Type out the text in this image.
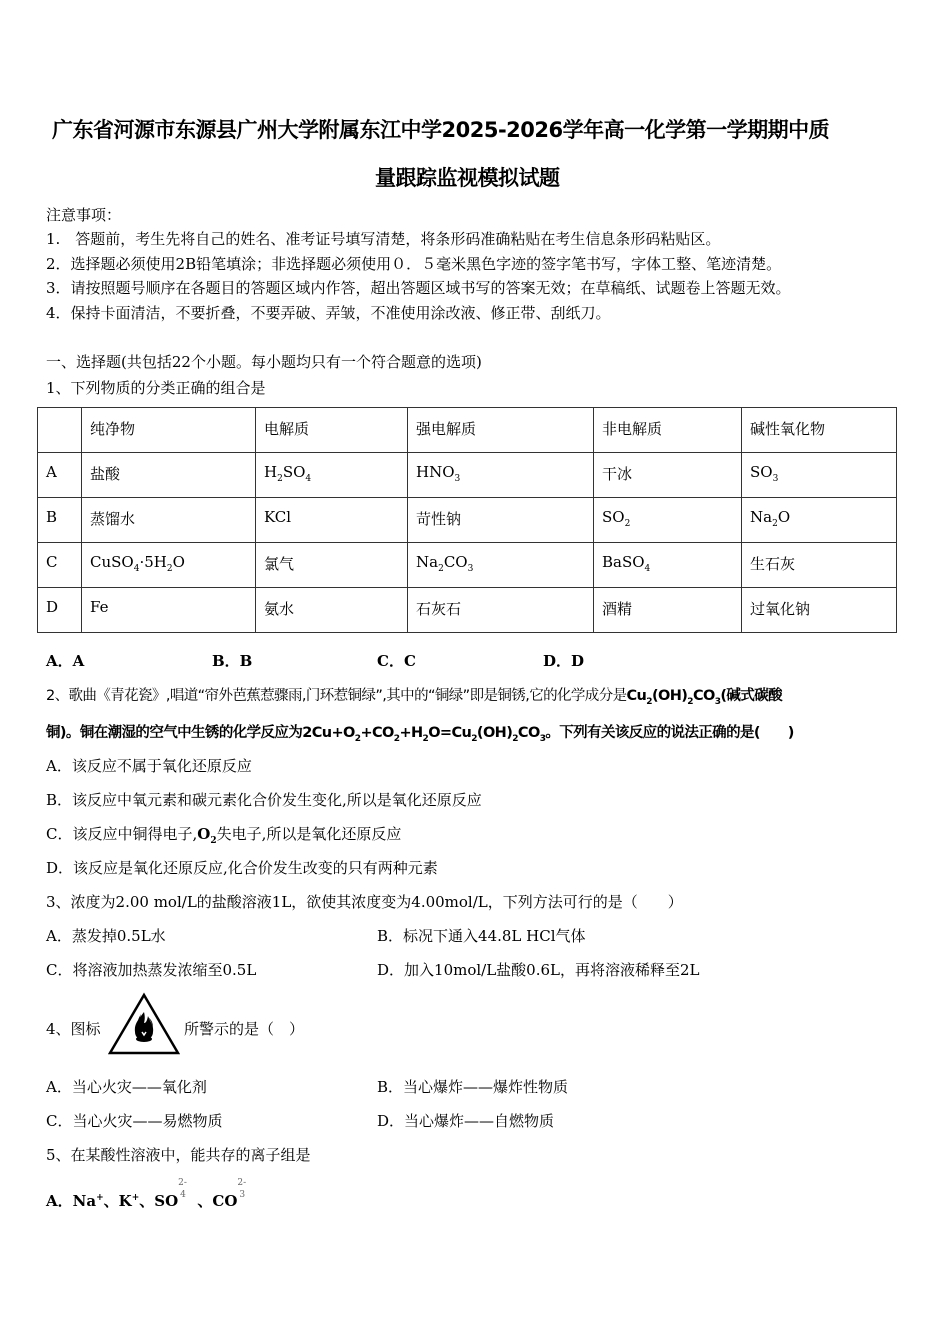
广东省河源市东源县广州大学附属东江中学2025-2026学年高一化学第一学期期中质
量跟踪监视模拟试题
注意事项：
1.　答题前，考生先将自己的姓名、准考证号填写清楚，将条形码准确粘贴在考生信息条形码粘贴区。
2．选择题必须使用2B铅笔填涂；非选择题必须使用０．５毫米黑色字迹的签字笔书写，字体工整、笔迹清楚。
3．请按照题号顺序在各题目的答题区域内作答，超出答题区域书写的答案无效；在草稿纸、试题卷上答题无效。
4．保持卡面清洁，不要折叠，不要弄破、弄皱，不准使用涂改液、修正带、刮纸刀。
一、选择题(共包括22个小题。每小题均只有一个符合题意的选项)
1、下列物质的分类正确的组合是
	纯净物	电解质	强电解质	非电解质	碱性氧化物
A	盐酸	$H_2SO_4$	$HNO_3$	干冰	$SO_3$
B	蒸馏水	KCl	苛性钠	$SO_2$	$Na_2O$
C	$CuSO_4\cdot 5H_2O$	氯气	$Na_2CO_3$	BaSO$_4$	生石灰
D	Fe	氨水	石灰石	酒精	过氧化钠
A．A	B．B	C．C	D．D
2、歌曲《青花瓷》,唱道“帘外芭蕉惹骤雨,门环惹铜绿”,其中的“铜绿”即是铜锈,它的化学成分是$Cu_2(OH)_2CO_3$(碱式碳酸
铜)。铜在潮湿的空气中生锈的化学反应为$2Cu+O_2+CO_2+H_2O=Cu_2(OH)_2CO_3$。下列有关该反应的说法正确的是(　　)
A．该反应不属于氧化还原反应
B．该反应中氧元素和碳元素化合价发生变化,所以是氧化还原反应
C．该反应中铜得电子$,O_2$失电子,所以是氧化还原反应
D．该反应是氧化还原反应,化合价发生改变的只有两种元素
3、浓度为2.00 mol/L的盐酸溶液1L，欲使其浓度变为4.00mol/L，下列方法可行的是（　　）
A．蒸发掉0.5L水	B．标况下通入44.8L HCl气体
C．将溶液加热蒸发浓缩至0.5L	D．加入10mol/L盐酸0.6L，再将溶液稀释至2L
4、图标	所警示的是（　）
A．当心火灾——氧化剂	B．当心爆炸——爆炸性物质
C．当心火灾——易燃物质	D．当心爆炸——自燃物质
5、在某酸性溶液中，能共存的离子组是
A．Na+、K+、SO
2-
4 、CO
2-
3
